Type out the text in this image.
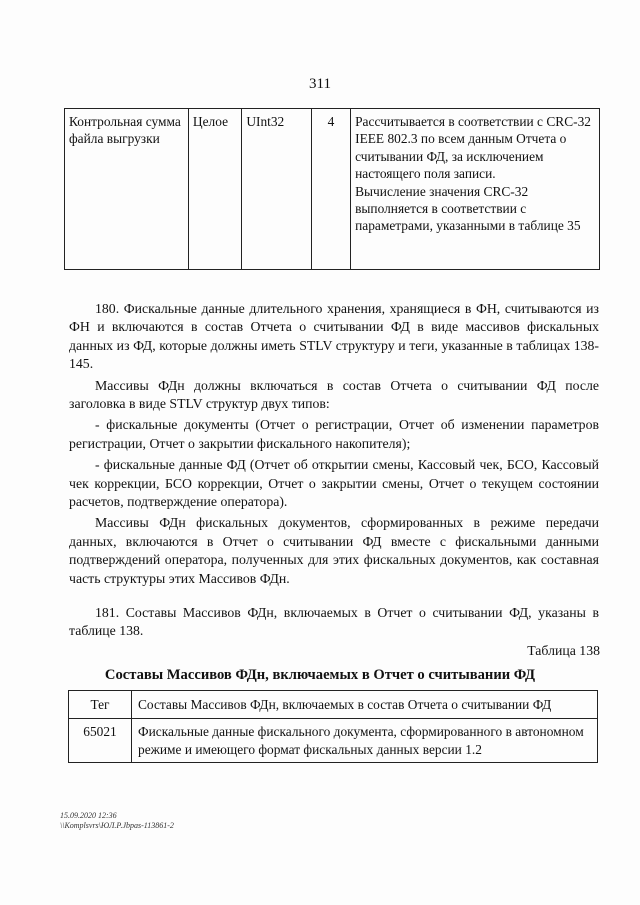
311
Контрольная сумма файла выгрузки	Целое	UInt32	4	Рассчитывается в соответствии с CRC-32 IEEE 802.3 по всем данным Отчета о считывании ФД, за исключением настоящего поля записи.

Вычисление значения CRC-32 выполняется в соответствии с параметрами, указанными в таблице 35

180. Фискальные данные длительного хранения, хранящиеся в ФН, считываются из ФН и включаются в состав Отчета о считывании ФД в виде массивов фискальных данных из ФД, которые должны иметь STLV структуру и теги, указанные в таблицах 138-145.

Массивы ФДн должны включаться в состав Отчета о считывании ФД после заголовка в виде STLV структур двух типов:

- фискальные документы (Отчет о регистрации, Отчет об изменении параметров регистрации, Отчет о закрытии фискального накопителя);

- фискальные данные ФД (Отчет об открытии смены, Кассовый чек, БСО, Кассовый чек коррекции, БСО коррекции, Отчет о закрытии смены, Отчет о текущем состоянии расчетов, подтверждение оператора).

Массивы ФДн фискальных документов, сформированных в режиме передачи данных, включаются в Отчет о считывании ФД вместе с фискальными данными подтверждений оператора, полученных для этих фискальных документов, как составная часть структуры этих Массивов ФДн.

181. Составы Массивов ФДн, включаемых в Отчет о считывании ФД, указаны в таблице 138.

Таблица 138
Составы Массивов ФДн, включаемых в Отчет о считывании ФД
Тег	Составы Массивов ФДн, включаемых в состав Отчета о считывании ФД
65021	Фискальные данные фискального документа, сформированного в автономном режиме и имеющего формат фискальных данных версии 1.2
15.09.2020 12:36
\\Komplsvrs\ЮЛ.Р.Jbpas-113861-2
